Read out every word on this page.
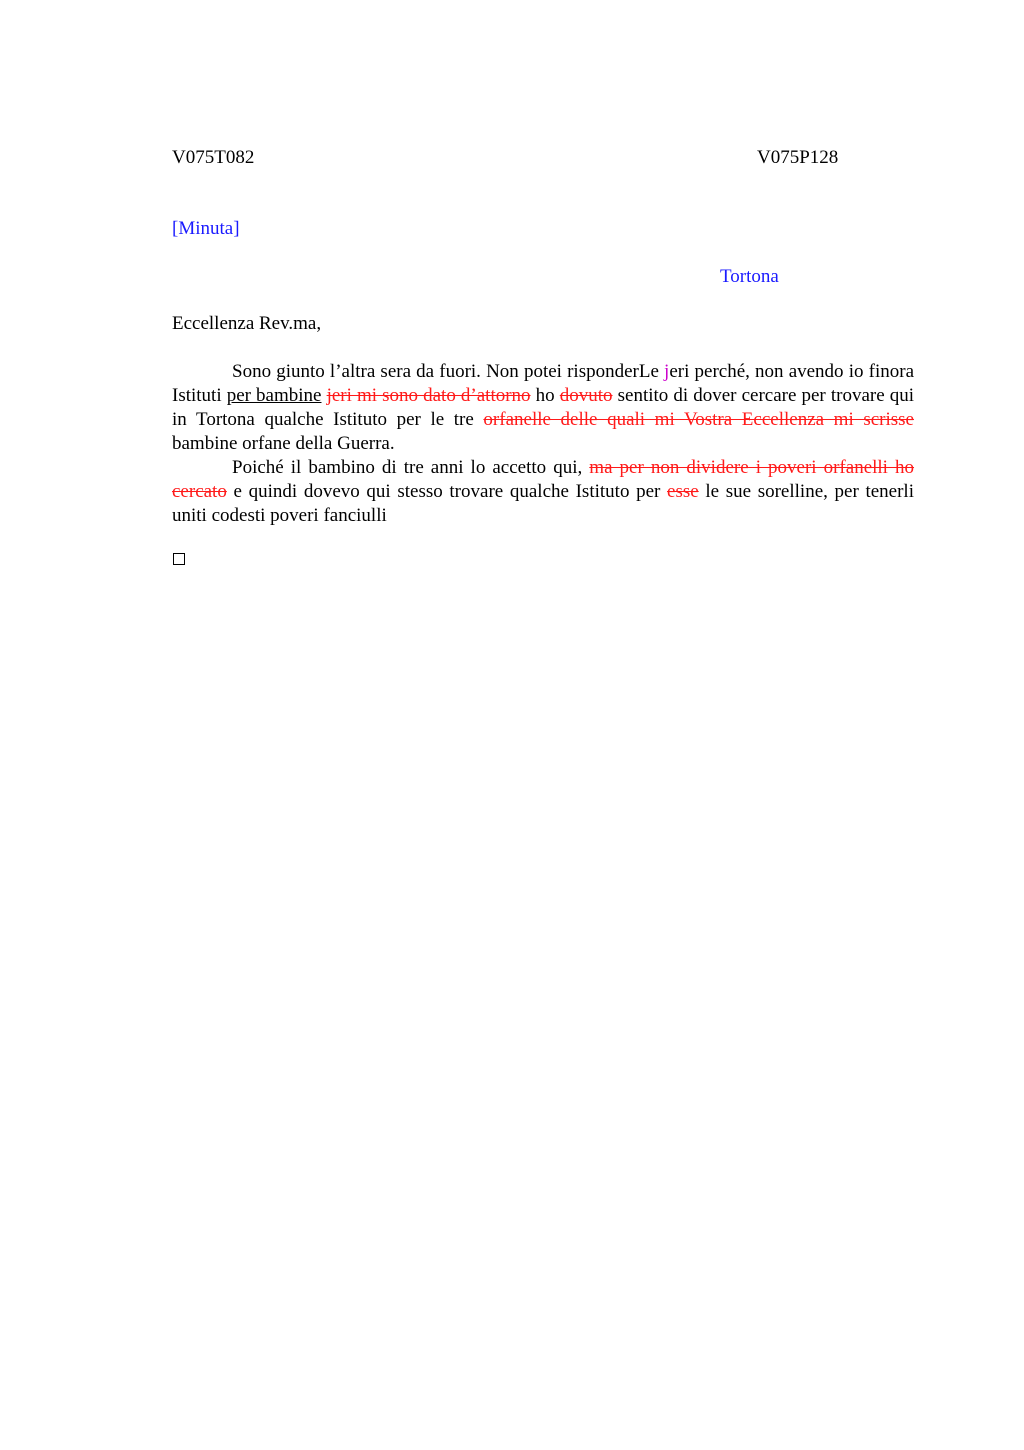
V075T082	V075P128
[Minuta]
Tortona
Eccellenza Rev.ma,

Sono giunto l’altra sera da fuori. Non potei risponderLe jeri perché, non avendo io finora Istituti per bambine jeri mi sono dato d’attorno ho dovuto sentito di dover cercare per trovare qui in Tortona qualche Istituto per le tre orfanelle delle quali mi Vostra Eccellenza mi scrisse bambine orfane della Guerra.

Poiché il bambino di tre anni lo accetto qui, ma per non dividere i poveri orfanelli ho cercato e quindi dovevo qui stesso trovare qualche Istituto per esse le sue sorelline, per tenerli uniti codesti poveri fanciulli
